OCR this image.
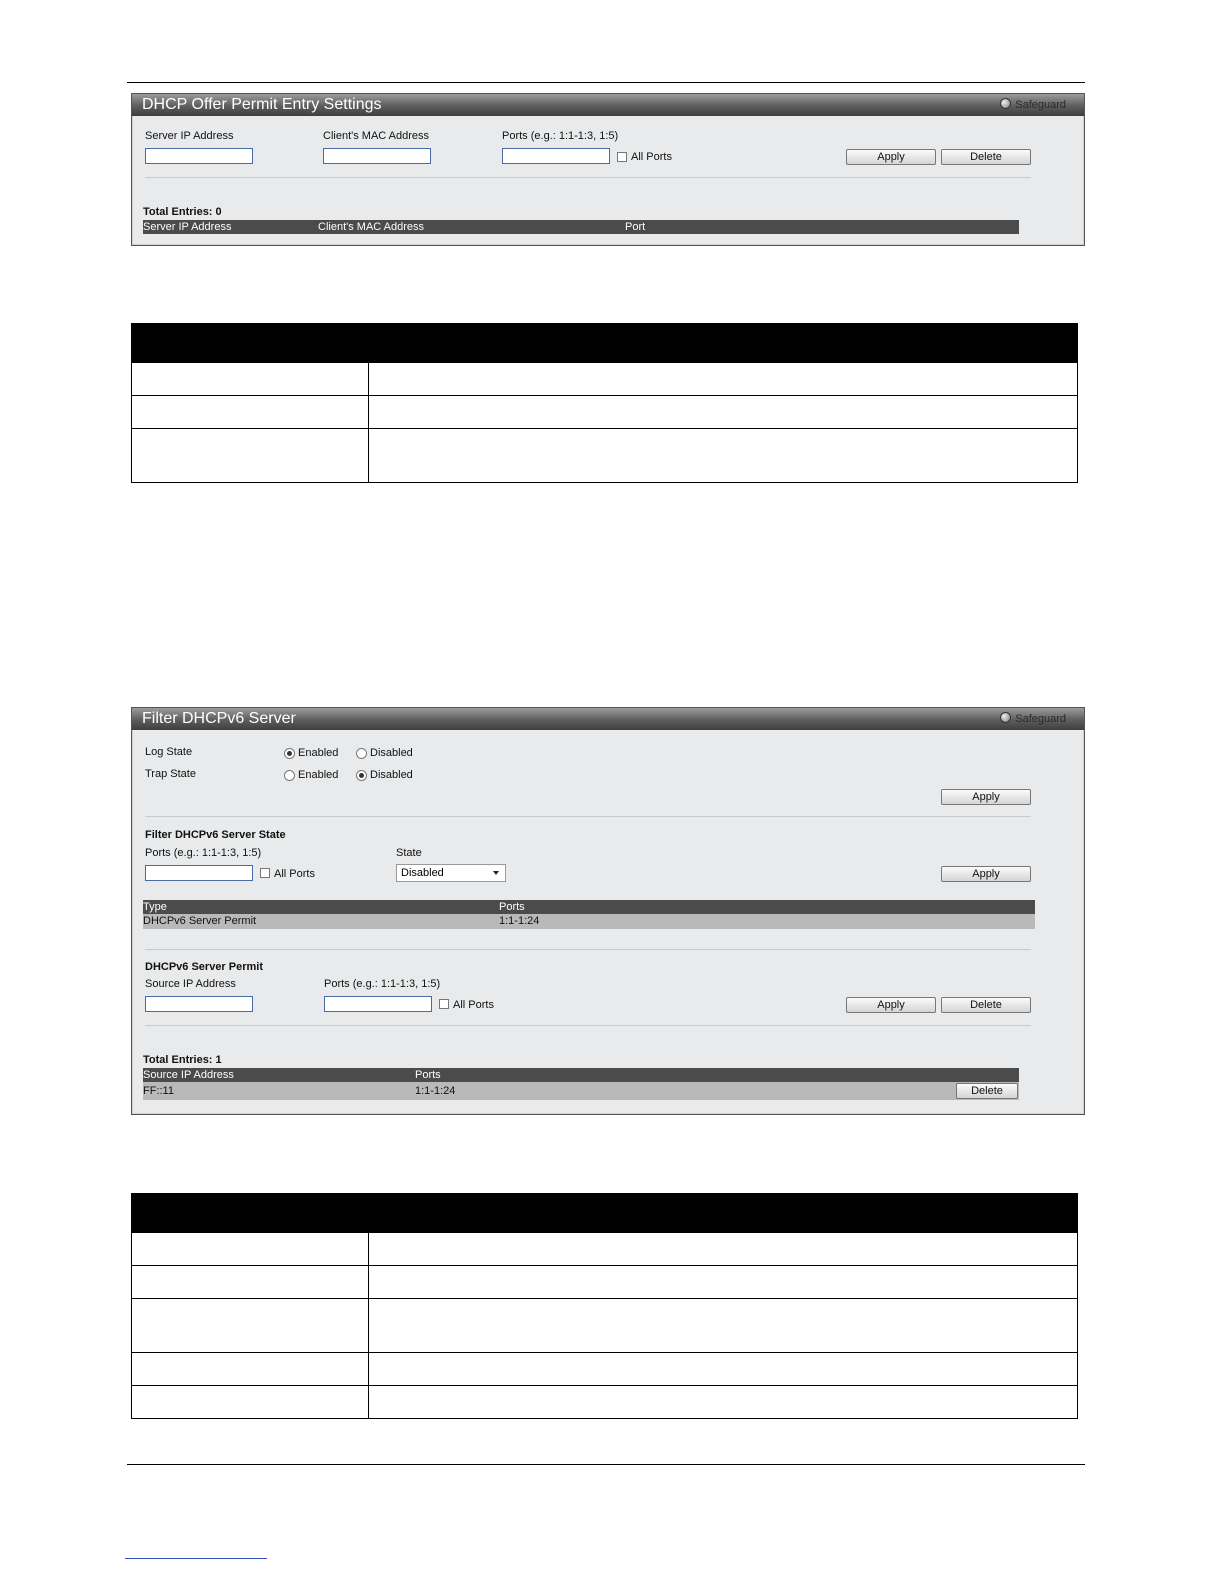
DHCP Offer Permit Entry Settings	Safeguard
Server IP Address	Client's MAC Address	Ports (e.g.: 1:1-1:3, 1:5)
All Ports	Apply	Delete
Total Entries: 0
Server IP Address	Client's MAC Address	Port

Filter DHCPv6 Server	Safeguard
Log State	Enabled	Disabled
Trap State	Enabled	Disabled
Apply
Filter DHCPv6 Server State
Ports (e.g.: 1:1-1:3, 1:5)
All Ports
State
Disabled	Apply
Type	Ports
DHCPv6 Server Permit	1:1-1:24
DHCPv6 Server Permit
Source IP Address	Ports (e.g.: 1:1-1:3, 1:5)
All Ports	Apply	Delete
Total Entries: 1
Source IP Address	Ports
FF::11	1:1-1:24	Delete
